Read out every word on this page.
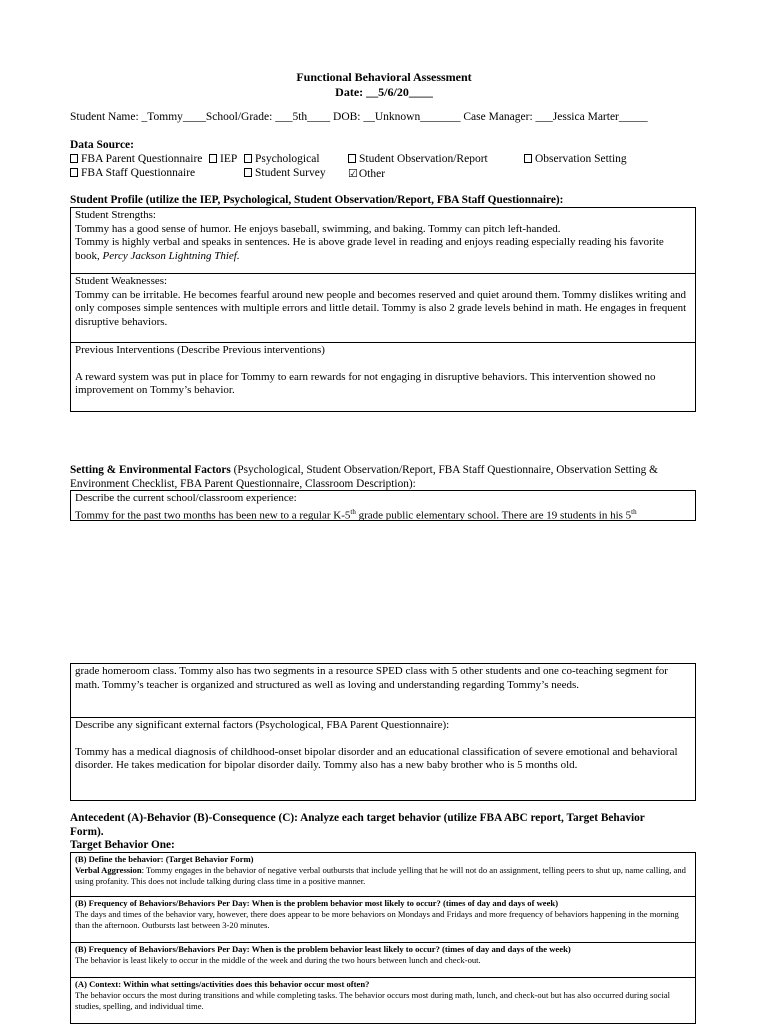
Functional Behavioral Assessment
Date: __5/6/20____
Student Name: _Tommy____School/Grade: ___5th____ DOB: __Unknown_______ Case Manager: ___Jessica Marter_____
Data Source:
FBA Parent Questionnaire	IEP	Psychological	Student Observation/Report	Observation Setting
FBA Staff Questionnaire	Student Survey ☑Other
Student Profile (utilize the IEP, Psychological, Student Observation/Report, FBA Staff Questionnaire):

Student Strengths:

Tommy has a good sense of humor. He enjoys baseball, swimming, and baking. Tommy can pitch left-handed.

Tommy is highly verbal and speaks in sentences. He is above grade level in reading and enjoys reading especially reading his favorite book, Percy Jackson Lightning Thief.

Student Weaknesses:

Tommy can be irritable. He becomes fearful around new people and becomes reserved and quiet around them. Tommy dislikes writing and only composes simple sentences with multiple errors and little detail. Tommy is also 2 grade levels behind in math. He engages in frequent disruptive behaviors.

Previous Interventions (Describe Previous interventions)

A reward system was put in place for Tommy to earn rewards for not engaging in disruptive behaviors. This intervention showed no improvement on Tommy’s behavior.

Setting & Environmental Factors (Psychological, Student Observation/Report, FBA Staff Questionnaire, Observation Setting & Environment Checklist, FBA Parent Questionnaire, Classroom Description):

Describe the current school/classroom experience:

Tommy for the past two months has been new to a regular K-5th grade public elementary school. There are 19 students in his 5th

grade homeroom class. Tommy also has two segments in a resource SPED class with 5 other students and one co-teaching segment for math. Tommy’s teacher is organized and structured as well as loving and understanding regarding Tommy’s needs.

Describe any significant external factors (Psychological, FBA Parent Questionnaire):

Tommy has a medical diagnosis of childhood-onset bipolar disorder and an educational classification of severe emotional and behavioral disorder. He takes medication for bipolar disorder daily. Tommy also has a new baby brother who is 5 months old.

Antecedent (A)-Behavior (B)-Consequence (C): Analyze each target behavior (utilize FBA ABC report, Target Behavior Form).
Target Behavior One:

(B) Define the behavior: (Target Behavior Form)

Verbal Aggression: Tommy engages in the behavior of negative verbal outbursts that include yelling that he will not do an assignment, telling peers to shut up, name calling, and using profanity. This does not include talking during class time in a positive manner.

(B) Frequency of Behaviors/Behaviors Per Day: When is the problem behavior most likely to occur? (times of day and days of week)

The days and times of the behavior vary, however, there does appear to be more behaviors on Mondays and Fridays and more frequency of behaviors happening in the morning than the afternoon. Outbursts last between 3-20 minutes.

(B) Frequency of Behaviors/Behaviors Per Day: When is the problem behavior least likely to occur? (times of day and days of the week)

The behavior is least likely to occur in the middle of the week and during the two hours between lunch and check-out.

(A) Context: Within what settings/activities does this behavior occur most often?

The behavior occurs the most during transitions and while completing tasks. The behavior occurs most during math, lunch, and check-out but has also occurred during social studies, spelling, and individual time.
